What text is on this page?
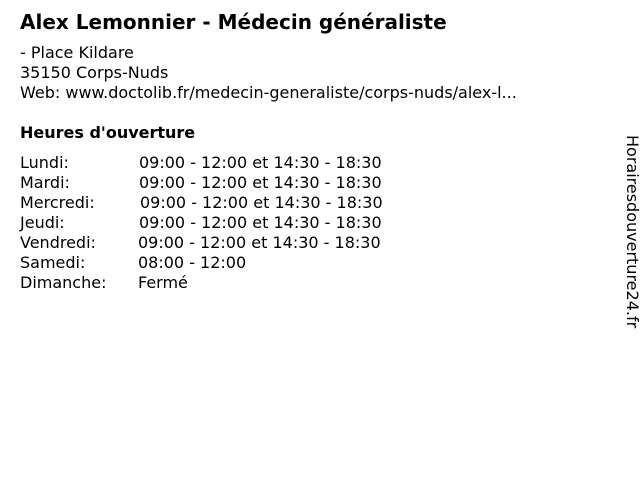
Alex Lemonnier - Médecin généraliste
- Place Kildare
35150 Corps-Nuds
Web: www.doctolib.fr/medecin-generaliste/corps-nuds/alex-l...
Heures d'ouverture
Lundi:	09:00 - 12:00 et 14:30 - 18:30
Mardi:	09:00 - 12:00 et 14:30 - 18:30
Mercredi:	09:00 - 12:00 et 14:30 - 18:30
Jeudi:	09:00 - 12:00 et 14:30 - 18:30
Vendredi:	09:00 - 12:00 et 14:30 - 18:30
Samedi:	08:00 - 12:00
Dimanche: Fermé	Horairesdouverture24.fr
